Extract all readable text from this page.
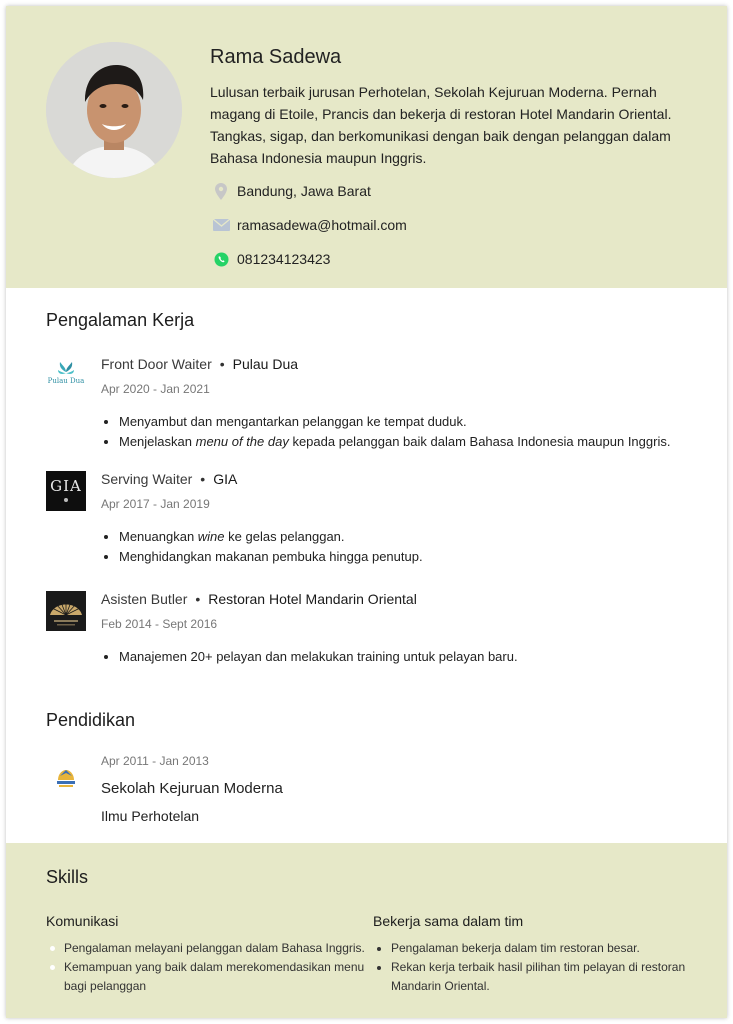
Rama Sadewa
Lulusan terbaik jurusan Perhotelan, Sekolah Kejuruan Moderna. Pernah magang di Etoile, Prancis dan bekerja di restoran Hotel Mandarin Oriental. Tangkas, sigap, dan berkomunikasi dengan baik dengan pelanggan dalam Bahasa Indonesia maupun Inggris.
Bandung, Jawa Barat
ramasadewa@hotmail.com
081234123423
Pengalaman Kerja
Pulau Dua
Front Door Waiter • Pulau Dua
Apr 2020 - Jan 2021
• Menyambut dan mengantarkan pelanggan ke tempat duduk.
• Menjelaskan menu of the day kepada pelanggan baik dalam Bahasa Indonesia maupun Inggris.
GIA Serving Waiter • GIA
Apr 2017 - Jan 2019
• Menuangkan wine ke gelas pelanggan.
• Menghidangkan makanan pembuka hingga penutup.
Asisten Butler • Restoran Hotel Mandarin Oriental
Feb 2014 - Sept 2016
• Manajemen 20+ pelayan dan melakukan training untuk pelayan baru.
Pendidikan
Apr 2011 - Jan 2013
Sekolah Kejuruan Moderna
Ilmu Perhotelan
Skills
Komunikasi
Pengalaman melayani pelanggan dalam Bahasa Inggris.
Kemampuan yang baik dalam merekomendasikan menu bagi pelanggan
Bekerja sama dalam tim
• Pengalaman bekerja dalam tim restoran besar.
• Rekan kerja terbaik hasil pilihan tim pelayan di restoran Mandarin Oriental.
